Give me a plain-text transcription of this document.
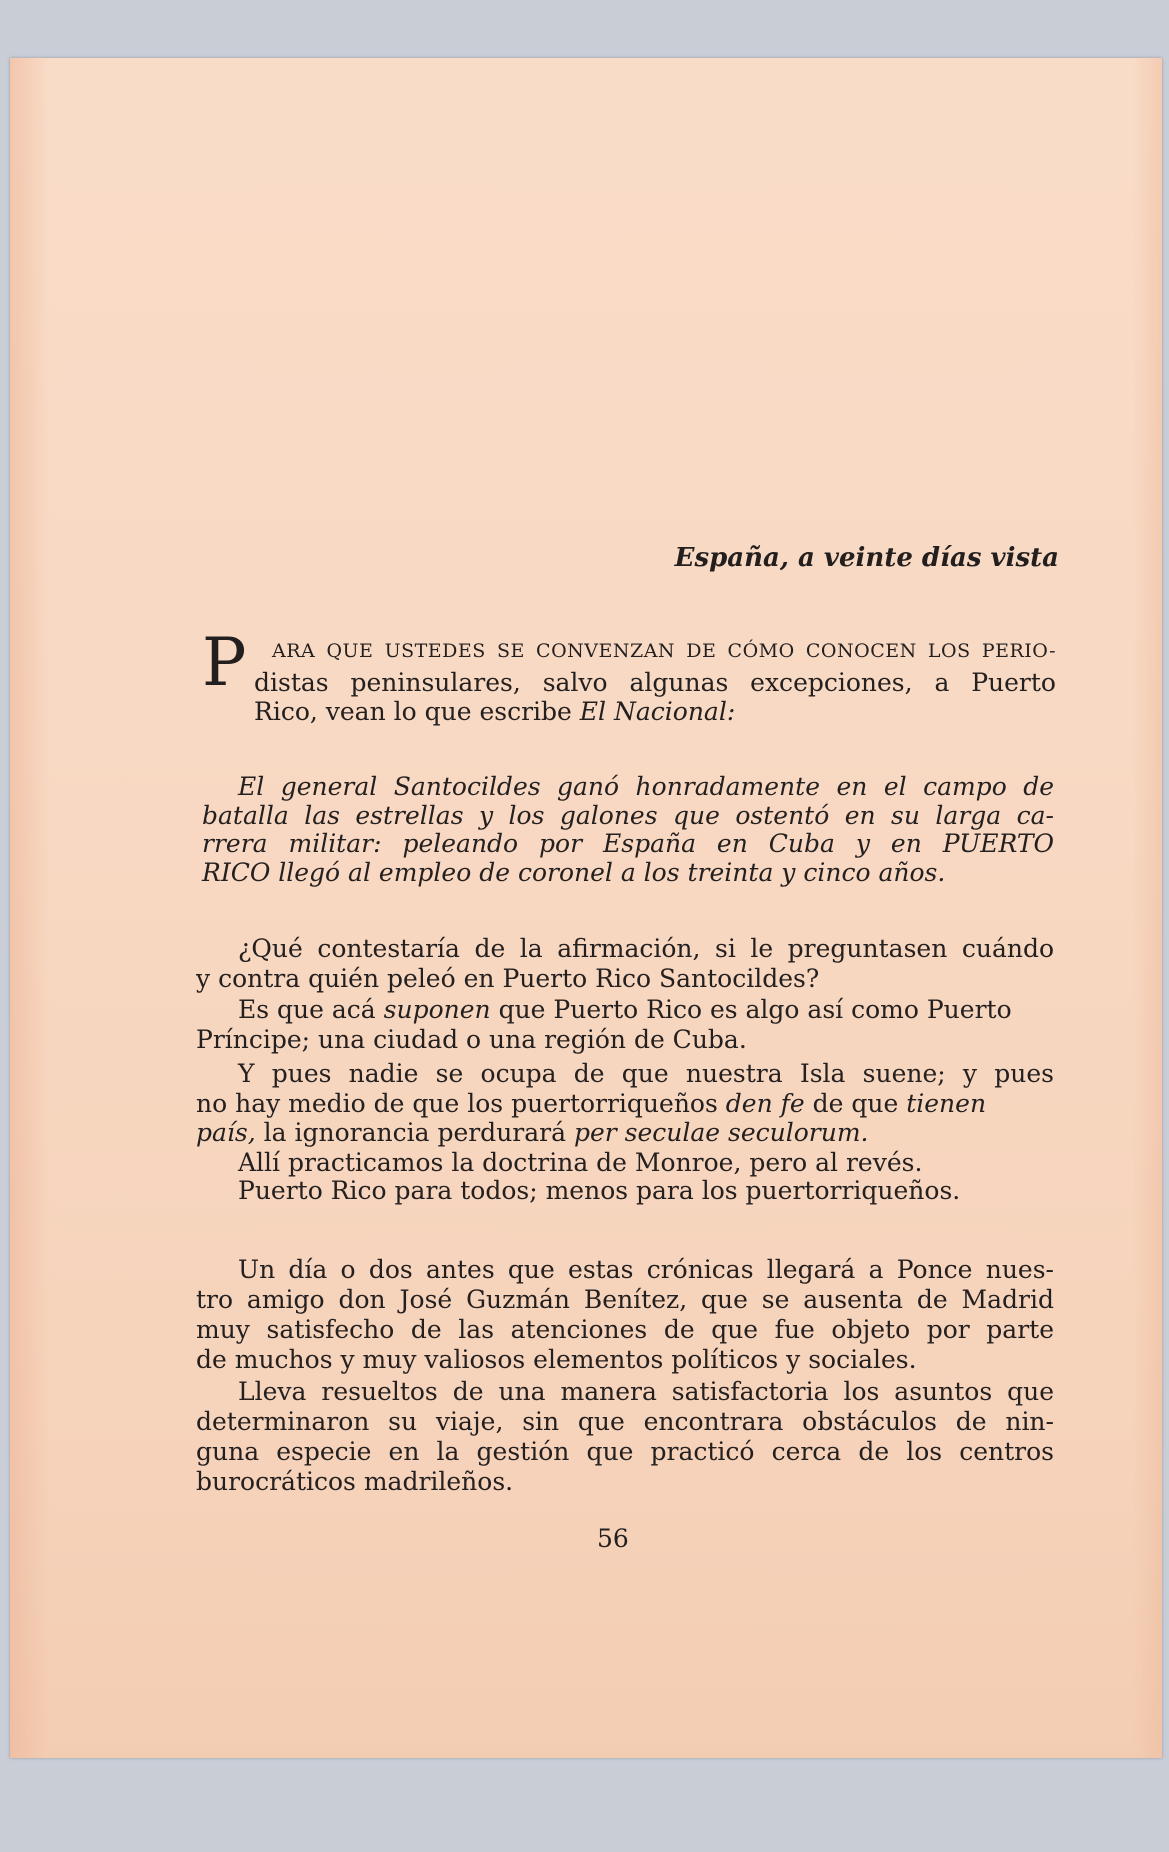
España, a veinte días vista
P ARA QUE USTEDES SE CONVENZAN DE CÓMO CONOCEN LOS PERIO-
distas peninsulares, salvo algunas excepciones, a Puerto
Rico, vean lo que escribe El Nacional:
El general Santocildes ganó honradamente en el campo de
batalla las estrellas y los galones que ostentó en su larga ca-
rrera militar: peleando por España en Cuba y en PUERTO
RICO llegó al empleo de coronel a los treinta y cinco años.
¿Qué contestaría de la afirmación, si le preguntasen cuándo
y contra quién peleó en Puerto Rico Santocildes?
Es que acá suponen que Puerto Rico es algo así como Puerto
Príncipe; una ciudad o una región de Cuba.
Y pues nadie se ocupa de que nuestra Isla suene; y pues
no hay medio de que los puertorriqueños den fe de que tienen
país, la ignorancia perdurará per seculae seculorum.
Allí practicamos la doctrina de Monroe, pero al revés.
Puerto Rico para todos; menos para los puertorriqueños.
Un día o dos antes que estas crónicas llegará a Ponce nues-
tro amigo don José Guzmán Benítez, que se ausenta de Madrid
muy satisfecho de las atenciones de que fue objeto por parte
de muchos y muy valiosos elementos políticos y sociales.
Lleva resueltos de una manera satisfactoria los asuntos que
determinaron su viaje, sin que encontrara obstáculos de nin-
guna especie en la gestión que practicó cerca de los centros
burocráticos madrileños.
56
